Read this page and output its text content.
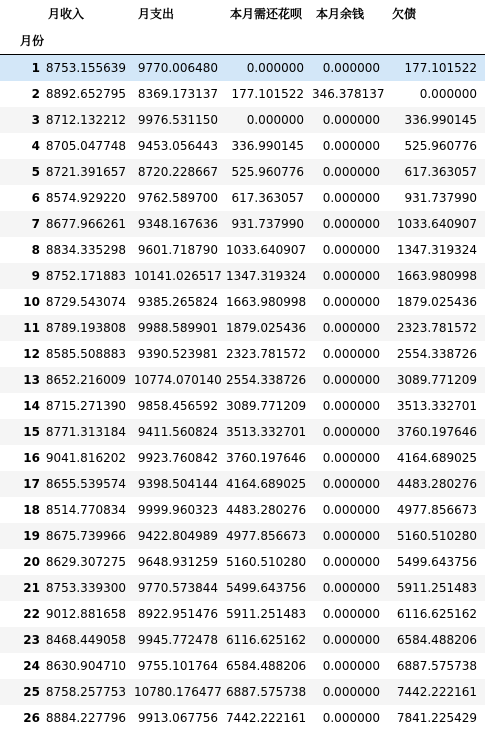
	月收入	月支出	本月需还花呗	本月余钱	欠债
月份					
1	8753.155639	9770.006480	0.000000	0.000000	177.101522
2	8892.652795	8369.173137	177.101522	346.378137	0.000000
3	8712.132212	9976.531150	0.000000	0.000000	336.990145
4	8705.047748	9453.056443	336.990145	0.000000	525.960776
5	8721.391657	8720.228667	525.960776	0.000000	617.363057
6	8574.929220	9762.589700	617.363057	0.000000	931.737990
7	8677.966261	9348.167636	931.737990	0.000000	1033.640907
8	8834.335298	9601.718790	1033.640907	0.000000	1347.319324
9	8752.171883	10141.026517	1347.319324	0.000000	1663.980998
10	8729.543074	9385.265824	1663.980998	0.000000	1879.025436
11	8789.193808	9988.589901	1879.025436	0.000000	2323.781572
12	8585.508883	9390.523981	2323.781572	0.000000	2554.338726
13	8652.216009	10774.070140	2554.338726	0.000000	3089.771209
14	8715.271390	9858.456592	3089.771209	0.000000	3513.332701
15	8771.313184	9411.560824	3513.332701	0.000000	3760.197646
16	9041.816202	9923.760842	3760.197646	0.000000	4164.689025
17	8655.539574	9398.504144	4164.689025	0.000000	4483.280276
18	8514.770834	9999.960323	4483.280276	0.000000	4977.856673
19	8675.739966	9422.804989	4977.856673	0.000000	5160.510280
20	8629.307275	9648.931259	5160.510280	0.000000	5499.643756
21	8753.339300	9770.573844	5499.643756	0.000000	5911.251483
22	9012.881658	8922.951476	5911.251483	0.000000	6116.625162
23	8468.449058	9945.772478	6116.625162	0.000000	6584.488206
24	8630.904710	9755.101764	6584.488206	0.000000	6887.575738
25	8758.257753	10780.176477	6887.575738	0.000000	7442.222161
26	8884.227796	9913.067756	7442.222161	0.000000	7841.225429
